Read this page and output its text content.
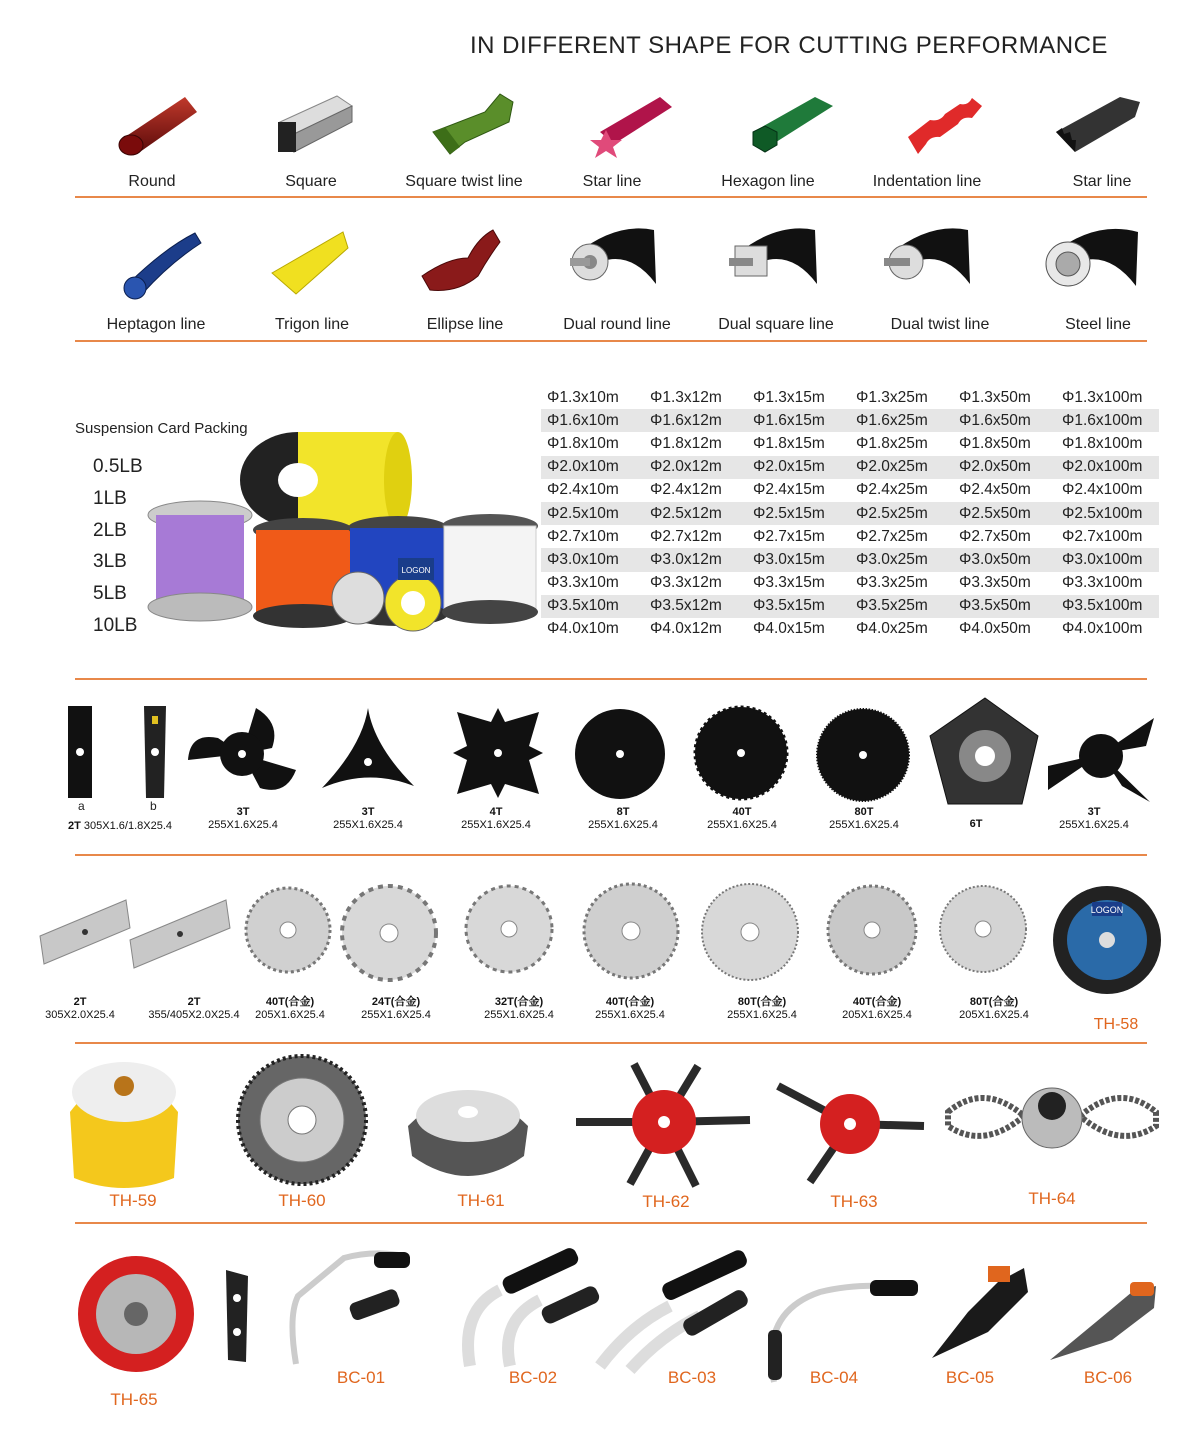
IN DIFFERENT SHAPE FOR CUTTING PERFORMANCE
Round	Square	Square twist line	Star line	Hexagon line	Indentation line	Star line
Heptagon line	Trigon line	Ellipse line	Dual round line	Dual square line	Dual twist line	Steel line
Suspension Card Packing
0.5LB
1LB
2LB
3LB
5LB
10LB
LOGON
Φ1.3x10m	Φ1.3x12m	Φ1.3x15m	Φ1.3x25m	Φ1.3x50m	Φ1.3x100m
Φ1.6x10m	Φ1.6x12m	Φ1.6x15m	Φ1.6x25m	Φ1.6x50m	Φ1.6x100m
Φ1.8x10m	Φ1.8x12m	Φ1.8x15m	Φ1.8x25m	Φ1.8x50m	Φ1.8x100m
Φ2.0x10m	Φ2.0x12m	Φ2.0x15m	Φ2.0x25m	Φ2.0x50m	Φ2.0x100m
Φ2.4x10m	Φ2.4x12m	Φ2.4x15m	Φ2.4x25m	Φ2.4x50m	Φ2.4x100m
Φ2.5x10m	Φ2.5x12m	Φ2.5x15m	Φ2.5x25m	Φ2.5x50m	Φ2.5x100m
Φ2.7x10m	Φ2.7x12m	Φ2.7x15m	Φ2.7x25m	Φ2.7x50m	Φ2.7x100m
Φ3.0x10m	Φ3.0x12m	Φ3.0x15m	Φ3.0x25m	Φ3.0x50m	Φ3.0x100m
Φ3.3x10m	Φ3.3x12m	Φ3.3x15m	Φ3.3x25m	Φ3.3x50m	Φ3.3x100m
Φ3.5x10m	Φ3.5x12m	Φ3.5x15m	Φ3.5x25m	Φ3.5x50m	Φ3.5x100m
Φ4.0x10m	Φ4.0x12m	Φ4.0x15m	Φ4.0x25m	Φ4.0x50m	Φ4.0x100m
a	b
2T 305X1.6/1.8X25.4
3T
255X1.6X25.4
3T
255X1.6X25.4
4T
255X1.6X25.4
8T
255X1.6X25.4
40T
255X1.6X25.4
80T
255X1.6X25.4	6T

3T
255X1.6X25.4
LOGON
TH-58
2T
305X2.0X25.4
2T
355/405X2.0X25.4
40T(合金)
205X1.6X25.4
24T(合金)
255X1.6X25.4
32T(合金)
255X1.6X25.4
40T(合金)
255X1.6X25.4
80T(合金)
255X1.6X25.4
40T(合金)
205X1.6X25.4
80T(合金)
205X1.6X25.4
TH-59	TH-60	TH-61	TH-62	TH-63	TH-64
TH-65
BC-01	BC-02	BC-03	BC-04	BC-05	BC-06
